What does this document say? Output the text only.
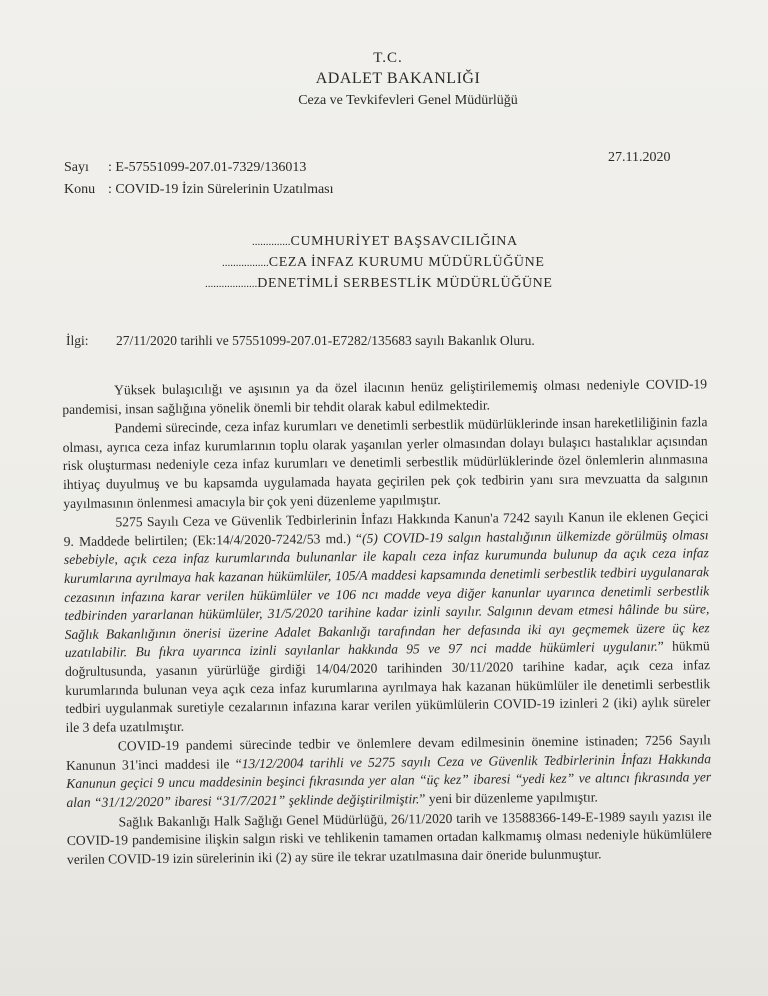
T.C.
ADALET BAKANLIĞI
Ceza ve Tevkifevleri Genel Müdürlüğü
Sayı : E-57551099-207.01-7329/136013
Konu : COVID-19 İzin Sürelerinin Uzatılması
27.11.2020
..............CUMHURİYET BAŞSAVCILIĞINA
.................CEZA İNFAZ KURUMU MÜDÜRLÜĞÜNE
...................DENETİMLİ SERBESTLİK MÜDÜRLÜĞÜNE
İlgi: 27/11/2020 tarihli ve 57551099-207.01-E7282/135683 sayılı Bakanlık Oluru.

Yüksek bulaşıcılığı ve aşısının ya da özel ilacının henüz geliştirilememiş olması nedeniyle COVID-19 pandemisi, insan sağlığına yönelik önemli bir tehdit olarak kabul edilmektedir.

Pandemi sürecinde, ceza infaz kurumları ve denetimli serbestlik müdürlüklerinde insan hareketliliğinin fazla olması, ayrıca ceza infaz kurumlarının toplu olarak yaşanılan yerler olmasından dolayı bulaşıcı hastalıklar açısından risk oluşturması nedeniyle ceza infaz kurumları ve denetimli serbestlik müdürlüklerinde özel önlemlerin alınmasına ihtiyaç duyulmuş ve bu kapsamda uygulamada hayata geçirilen pek çok tedbirin yanı sıra mevzuatta da salgının yayılmasının önlenmesi amacıyla bir çok yeni düzenleme yapılmıştır.

5275 Sayılı Ceza ve Güvenlik Tedbirlerinin İnfazı Hakkında Kanun'a 7242 sayılı Kanun ile eklenen Geçici 9. Maddede belirtilen; (Ek:14/4/2020-7242/53 md.) “(5) COVID-19 salgın hastalığının ülkemizde görülmüş olması sebebiyle, açık ceza infaz kurumlarında bulunanlar ile kapalı ceza infaz kurumunda bulunup da açık ceza infaz kurumlarına ayrılmaya hak kazanan hükümlüler, 105/A maddesi kapsamında denetimli serbestlik tedbiri uygulanarak cezasının infazına karar verilen hükümlüler ve 106 ncı madde veya diğer kanunlar uyarınca denetimli serbestlik tedbirinden yararlanan hükümlüler, 31/5/2020 tarihine kadar izinli sayılır. Salgının devam etmesi hâlinde bu süre, Sağlık Bakanlığının önerisi üzerine Adalet Bakanlığı tarafından her defasında iki ayı geçmemek üzere üç kez uzatılabilir. Bu fıkra uyarınca izinli sayılanlar hakkında 95 ve 97 nci madde hükümleri uygulanır.” hükmü doğrultusunda, yasanın yürürlüğe girdiği 14/04/2020 tarihinden 30/11/2020 tarihine kadar, açık ceza infaz kurumlarında bulunan veya açık ceza infaz kurumlarına ayrılmaya hak kazanan hükümlüler ile denetimli serbestlik tedbiri uygulanmak suretiyle cezalarının infazına karar verilen yükümlülerin COVID-19 izinleri 2 (iki) aylık süreler ile 3 defa uzatılmıştır.

COVID-19 pandemi sürecinde tedbir ve önlemlere devam edilmesinin önemine istinaden; 7256 Sayılı Kanunun 31'inci maddesi ile “13/12/2004 tarihli ve 5275 sayılı Ceza ve Güvenlik Tedbirlerinin İnfazı Hakkında Kanunun geçici 9 uncu maddesinin beşinci fıkrasında yer alan “üç kez” ibaresi “yedi kez” ve altıncı fıkrasında yer alan “31/12/2020” ibaresi “31/7/2021” şeklinde değiştirilmiştir.” yeni bir düzenleme yapılmıştır.

Sağlık Bakanlığı Halk Sağlığı Genel Müdürlüğü, 26/11/2020 tarih ve 13588366-149-E-1989 sayılı yazısı ile COVID-19 pandemisine ilişkin salgın riski ve tehlikenin tamamen ortadan kalkmamış olması nedeniyle hükümlülere verilen COVID-19 izin sürelerinin iki (2) ay süre ile tekrar uzatılmasına dair öneride bulunmuştur.
